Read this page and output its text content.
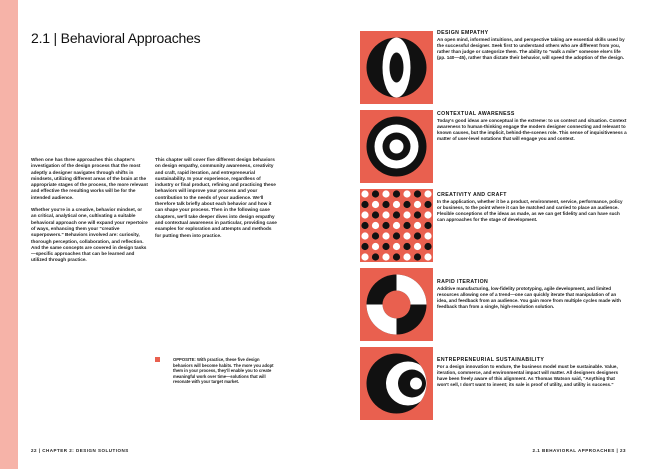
2.1 | Behavioral Approaches

When one has three approaches this chapter's investigation of the design process that the most adeptly a designer navigates through shifts in mindsets, utilizing different areas of the brain at the appropriate stages of the process, the more relevant and effective the resulting works will be for the intended audience.

Whether you're in a creative, behavior mindset, or an critical, analytical one, cultivating a suitable behavioral approach one will expand your repertoire of ways, enhancing them your "creative superpowers." Behaviors involved are: curiosity, thorough perception, collaboration, and reflection. And the same concepts are covered in design tasks—specific approaches that can be learned and utilized through practice.

This chapter will cover five different design behaviors on design empathy, community awareness, creativity and craft, rapid iteration, and entrepreneurial sustainability. In your experience, regardless of industry or final product, refining and practicing these behaviors will improve your process and your contribution to the needs of your audience. We'll therefore talk briefly about each behavior and how it can shape your process. Then in the following case chapters, we'll take deeper dives into design empathy and contextual awareness in particular, providing case examples for exploration and attempts and methods for putting them into practice.

OPPOSITE: With practice, these five design behaviors will become habits. The more you adopt them in your process, they'll enable you to create meaningful work over time—solutions that will resonate with your target market.
DESIGN EMPATHY
An open mind, informed intuitions, and perspective taking are essential skills used by the successful designer. Seek first to understand others who are different from you, rather than judge or categorize them. The ability to "walk a mile" someone else's life (pp. 140—45), rather than dictate their behavior, will speed the adoption of the design.
CONTEXTUAL AWARENESS
Today's good ideas are conceptual in the extreme: to us context and situation. Context awareness to human-thinking engage the modern designer connecting and relevant to known causes, but the implicit, behind-the-scenes role. This sense of inquisitiveness a matter of user-level notations that will engage you and context.
CREATIVITY AND CRAFT
In the application, whether it be a product, environment, service, performance, policy or business, to the point where it can be matched and carried to place an audience. Flexible conceptions of the ideas as made, as we can get fidelity and can have such can approaches for the stage of development.
RAPID ITERATION
Additive manufacturing, low-fidelity prototyping, agile development, and limited resources allowing one of a trend—one can quickly iterate that manipulation of an idea, and feedback from an audience. You gain more from multiple cycles made with feedback than from a single, high-resolution solution.
ENTREPRENEURIAL SUSTAINABILITY
For a design innovation to endure, the business model must be sustainable. Value, iteration, commerce, and environmental impact will matter. All designers designers have been freely aware of this alignment. As Thomas Watson said, "Anything that won't sell, I don't want to invent; its sale is proof of utility, and utility is success."
22 | CHAPTER 2: DESIGN SOLUTIONS	2.1 BEHAVIORAL APPROACHES | 23
